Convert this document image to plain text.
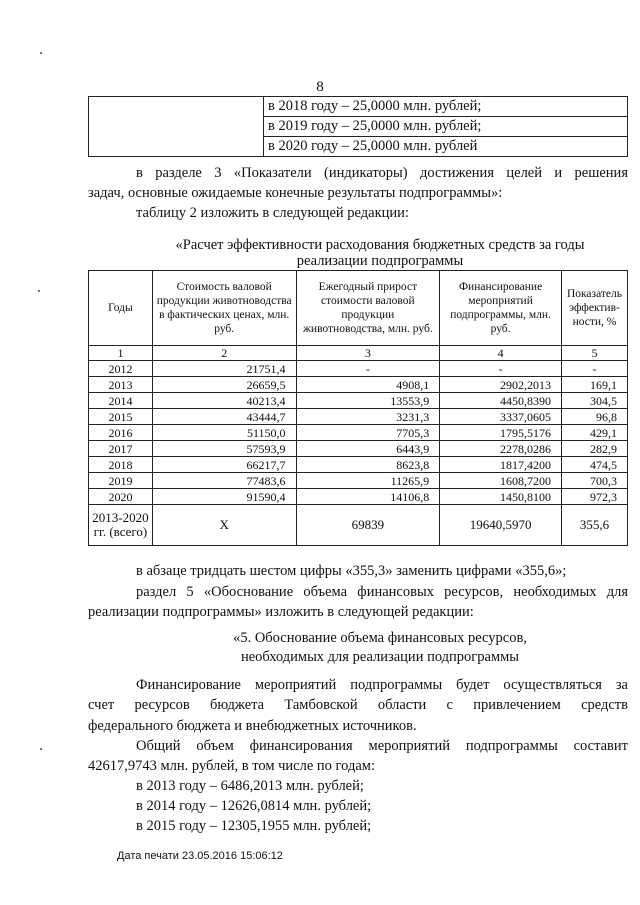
8
	в 2018 году – 25,0000 млн. рублей;
в 2019 году – 25,0000 млн. рублей;
в 2020 году – 25,0000 млн. рублей
в разделе 3 «Показатели (индикаторы) достижения целей и решения
задач, основные ожидаемые конечные результаты подпрограммы»:
таблицу 2 изложить в следующей редакции:
«Расчет эффективности расходования бюджетных средств за годы
реализации подпрограммы
Годы	Стоимость валовой продукции животноводства в фактических ценах, млн. руб.	Ежегодный прирост стоимости валовой продукции животноводства, млн. руб.	Финансирование мероприятий подпрограммы, млн. руб.	Показатель эффектив-ности, %
1	2	3	4	5
2012	21751,4	-	-	-
2013	26659,5	4908,1	2902,2013	169,1
2014	40213,4	13553,9	4450,8390	304,5
2015	43444,7	3231,3	3337,0605	96,8
2016	51150,0	7705,3	1795,5176	429,1
2017	57593,9	6443,9	2278,0286	282,9
2018	66217,7	8623,8	1817,4200	474,5
2019	77483,6	11265,9	1608,7200	700,3
2020	91590,4	14106,8	1450,8100	972,3
2013-2020 гг. (всего)	X	69839	19640,5970	355,6
в абзаце тридцать шестом цифры «355,3» заменить цифрами «355,6»;
раздел 5 «Обоснование объема финансовых ресурсов, необходимых для
реализации подпрограммы» изложить в следующей редакции:
«5. Обоснование объема финансовых ресурсов,
необходимых для реализации подпрограммы
Финансирование мероприятий подпрограммы будет осуществляться за
счет ресурсов бюджета Тамбовской области с привлечением средств
федерального бюджета и внебюджетных источников.
Общий объем финансирования мероприятий подпрограммы составит
42617,9743 млн. рублей, в том числе по годам:
в 2013 году – 6486,2013 млн. рублей;
в 2014 году – 12626,0814 млн. рублей;
в 2015 году – 12305,1955 млн. рублей;
Дата печати 23.05.2016 15:06:12
